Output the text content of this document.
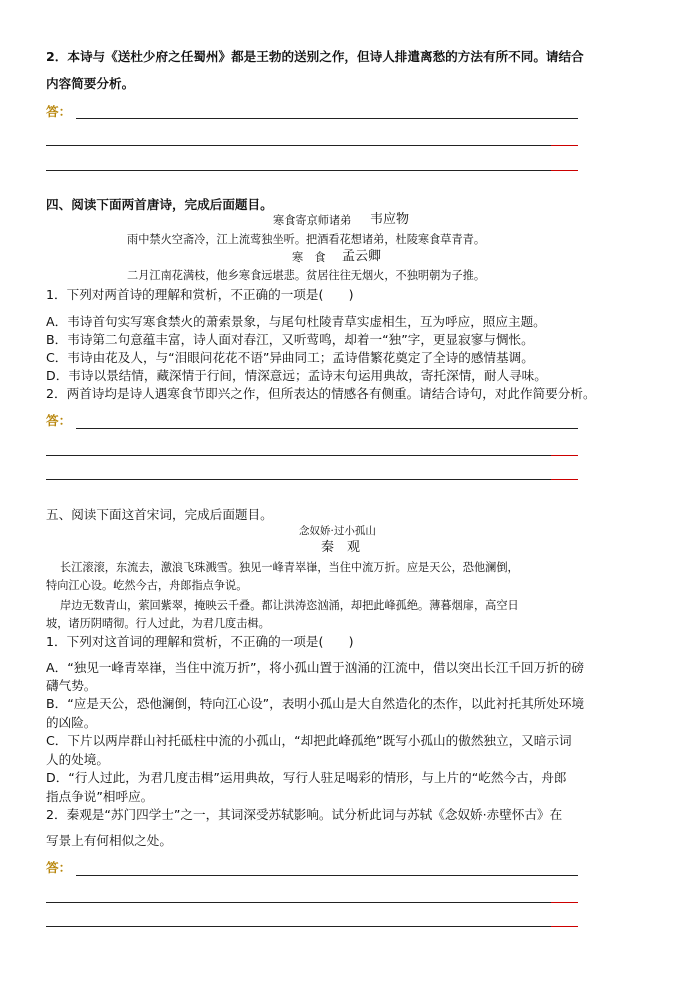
2．本诗与《送杜少府之任蜀州》都是王勃的送别之作，但诗人排遣离愁的方法有所不同。请结合
内容简要分析。
答：
四、阅读下面两首唐诗，完成后面题目。
寒食寄京师诸弟 韦应物
雨中禁火空斋冷，江上流莺独坐听。把酒看花想诸弟，杜陵寒食草青青。
寒　食 孟云卿
二月江南花满枝，他乡寒食远堪悲。贫居往往无烟火，不独明朝为子推。
1．下列对两首诗的理解和赏析，不正确的一项是(　　)
A．韦诗首句实写寒食禁火的萧索景象，与尾句杜陵青草实虚相生，互为呼应，照应主题。
B．韦诗第二句意蕴丰富，诗人面对春江，又听莺鸣，却着一“独”字，更显寂寥与惆怅。
C．韦诗由花及人，与“泪眼问花花不语”异曲同工；孟诗借繁花奠定了全诗的感情基调。
D．韦诗以景结情，藏深情于行间，情深意远；孟诗末句运用典故，寄托深情，耐人寻味。
2．两首诗均是诗人遇寒食节即兴之作，但所表达的情感各有侧重。请结合诗句，对此作简要分析。
答：
五、阅读下面这首宋词，完成后面题目。
念奴娇·过小孤山
秦　观
长江滚滚，东流去，激浪飞珠溅雪。独见一峰青崒嵂，当住中流万折。应是天公，恐他澜倒，
特向江心设。屹然今古，舟郎指点争说。
岸边无数青山，萦回紫翠，掩映云千叠。都让洪涛恣汹涌，却把此峰孤绝。薄暮烟扉，高空日
坡，诸历阴晴彻。行人过此，为君几度击楫。
1．下列对这首词的理解和赏析，不正确的一项是(　　)
A．“独见一峰青崒嵂，当住中流万折”，将小孤山置于汹涌的江流中，借以突出长江千回万折的磅
礴气势。
B．“应是天公，恐他澜倒，特向江心设”，表明小孤山是大自然造化的杰作，以此衬托其所处环境
的凶险。
C．下片以两岸群山衬托砥柱中流的小孤山，“却把此峰孤绝”既写小孤山的傲然独立，又暗示词
人的处境。
D．“行人过此，为君几度击楫”运用典故，写行人驻足喝彩的情形，与上片的“屹然今古，舟郎
指点争说”相呼应。
2．秦观是“苏门四学士”之一，其词深受苏轼影响。试分析此词与苏轼《念奴娇·赤壁怀古》在
写景上有何相似之处。
答：
